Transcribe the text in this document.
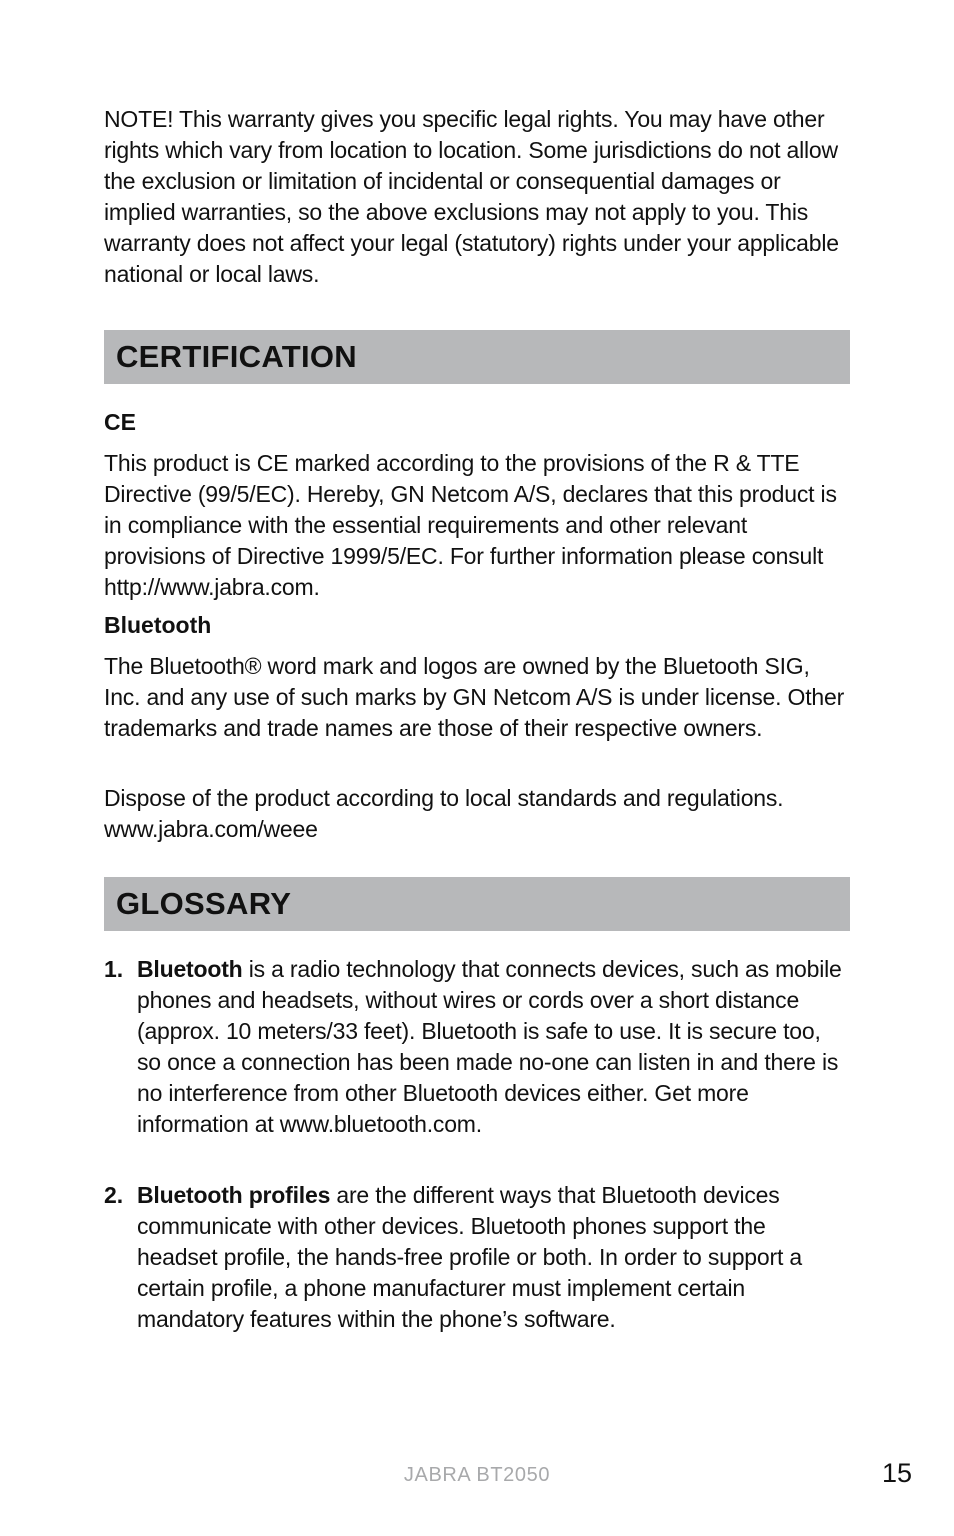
NOTE! This warranty gives you specific legal rights. You may have other rights which vary from location to location. Some jurisdictions do not allow the exclusion or limitation of incidental or consequential damages or implied warranties, so the above exclusions may not apply to you. This warranty does not affect your legal (statutory) rights under your applicable national or local laws.

CERTIFICATION
CE

This product is CE marked according to the provisions of the R & TTE Directive (99/5/EC). Hereby, GN Netcom A/S, declares that this product is in compliance with the essential requirements and other relevant provisions of Directive 1999/5/EC. For further information please consult http://www.jabra.com.

Bluetooth

The Bluetooth® word mark and logos are owned by the Bluetooth SIG, Inc. and any use of such marks by GN Netcom A/S is under license. Other trademarks and trade names are those of their respective owners.

Dispose of the product according to local standards and regulations.
www.jabra.com/weee

GLOSSARY
1. Bluetooth is a radio technology that connects devices, such as mobile phones and headsets, without wires or cords over a short distance (approx. 10 meters/33 feet). Bluetooth is safe to use. It is secure too, so once a connection has been made no-one can listen in and there is no interference from other Bluetooth devices either. Get more information at www.bluetooth.com.

2. Bluetooth profiles are the different ways that Bluetooth devices communicate with other devices. Bluetooth phones support the headset profile, the hands-free profile or both. In order to support a certain profile, a phone manufacturer must implement certain mandatory features within the phone’s software.

JABRA BT2050	15
